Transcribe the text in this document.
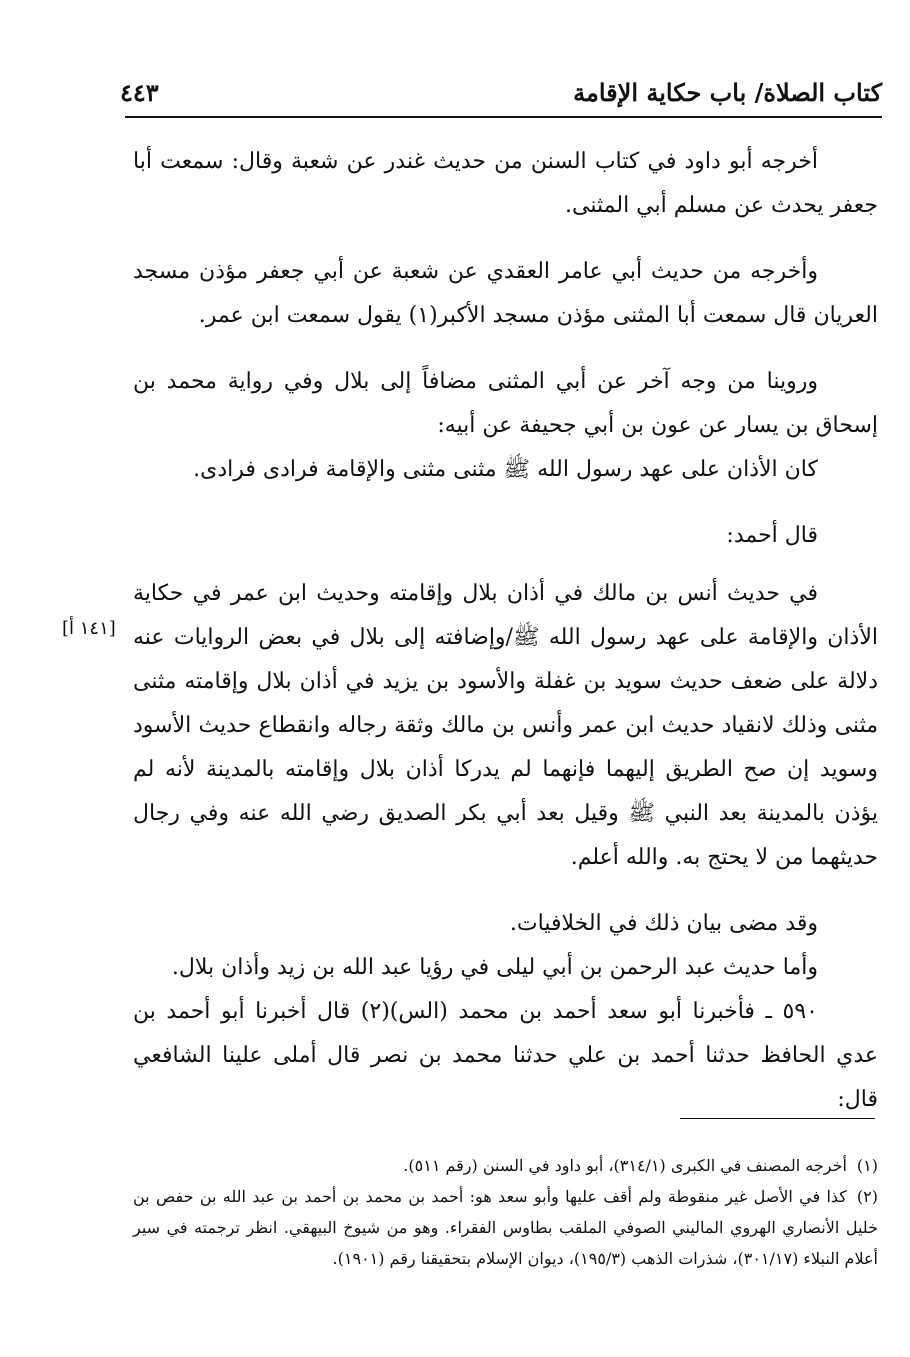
٤٤٣	كتاب الصلاة/ باب حكاية الإقامة

أخرجه أبو داود في كتاب السنن من حديث غندر عن شعبة وقال: سمعت أبا جعفر يحدث عن مسلم أبي المثنى.

وأخرجه من حديث أبي عامر العقدي عن شعبة عن أبي جعفر مؤذن مسجد العريان قال سمعت أبا المثنى مؤذن مسجد الأكبر(١) يقول سمعت ابن عمر.

وروينا من وجه آخر عن أبي المثنى مضافاً إلى بلال وفي رواية محمد بن إسحاق بن يسار عن عون بن أبي جحيفة عن أبيه:

كان الأذان على عهد رسول الله ﷺ مثنى مثنى والإقامة فرادى فرادى.

قال أحمد:

في حديث أنس بن مالك في أذان بلال وإقامته وحديث ابن عمر في حكاية الأذان والإقامة على عهد رسول الله ﷺ/وإضافته إلى بلال في بعض الروايات عنه دلالة على ضعف حديث سويد بن غفلة والأسود بن يزيد في أذان بلال وإقامته مثنى مثنى وذلك لانقياد حديث ابن عمر وأنس بن مالك وثقة رجاله وانقطاع حديث الأسود وسويد إن صح الطريق إليهما فإنهما لم يدركا أذان بلال وإقامته بالمدينة لأنه لم يؤذن بالمدينة بعد النبي ﷺ وقيل بعد أبي بكر الصديق رضي الله عنه وفي رجال حديثهما من لا يحتج به. والله أعلم.

وقد مضى بيان ذلك في الخلافيات.

وأما حديث عبد الرحمن بن أبي ليلى في رؤيا عبد الله بن زيد وأذان بلال.

٥٩٠ ـ فأخبرنا أبو سعد أحمد بن محمد (الس)(٢) قال أخبرنا أبو أحمد بن عدي الحافظ حدثنا أحمد بن علي حدثنا محمد بن نصر قال أملى علينا الشافعي قال:

[١٤١ أ]

(١)أخرجه المصنف في الكبرى (٣١٤/١)، أبو داود في السنن (رقم ٥١١).

(٢)كذا في الأصل غير منقوطة ولم أقف عليها وأبو سعد هو: أحمد بن محمد بن أحمد بن عبد الله بن حفص بن خليل الأنصاري الهروي الماليني الصوفي الملقب بطاوس الفقراء. وهو من شيوخ البيهقي. انظر ترجمته في سير أعلام النبلاء (٣٠١/١٧)، شذرات الذهب (١٩٥/٣)، ديوان الإسلام بتحقيقنا رقم (١٩٠١).
